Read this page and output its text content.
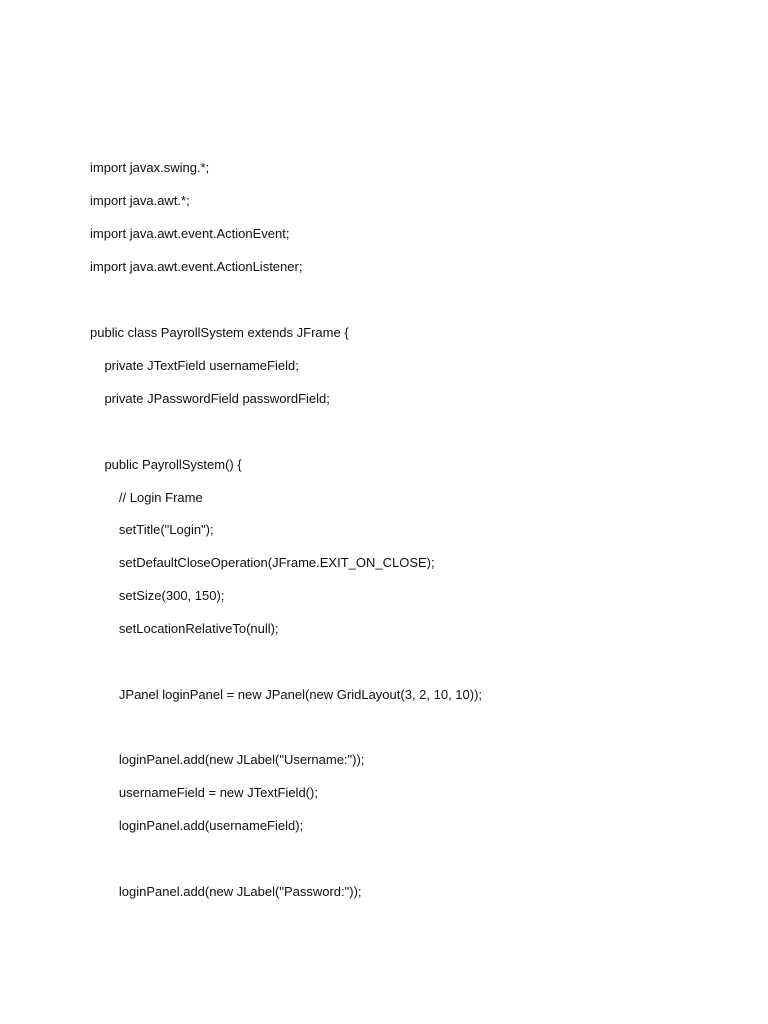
import javax.swing.*;
import java.awt.*;
import java.awt.event.ActionEvent;
import java.awt.event.ActionListener;
public class PayrollSystem extends JFrame {
private JTextField usernameField;
private JPasswordField passwordField;
public PayrollSystem() {
// Login Frame
setTitle("Login");
setDefaultCloseOperation(JFrame.EXIT_ON_CLOSE);
setSize(300, 150);
setLocationRelativeTo(null);
JPanel loginPanel = new JPanel(new GridLayout(3, 2, 10, 10));
loginPanel.add(new JLabel("Username:"));
usernameField = new JTextField();
loginPanel.add(usernameField);
loginPanel.add(new JLabel("Password:"));
